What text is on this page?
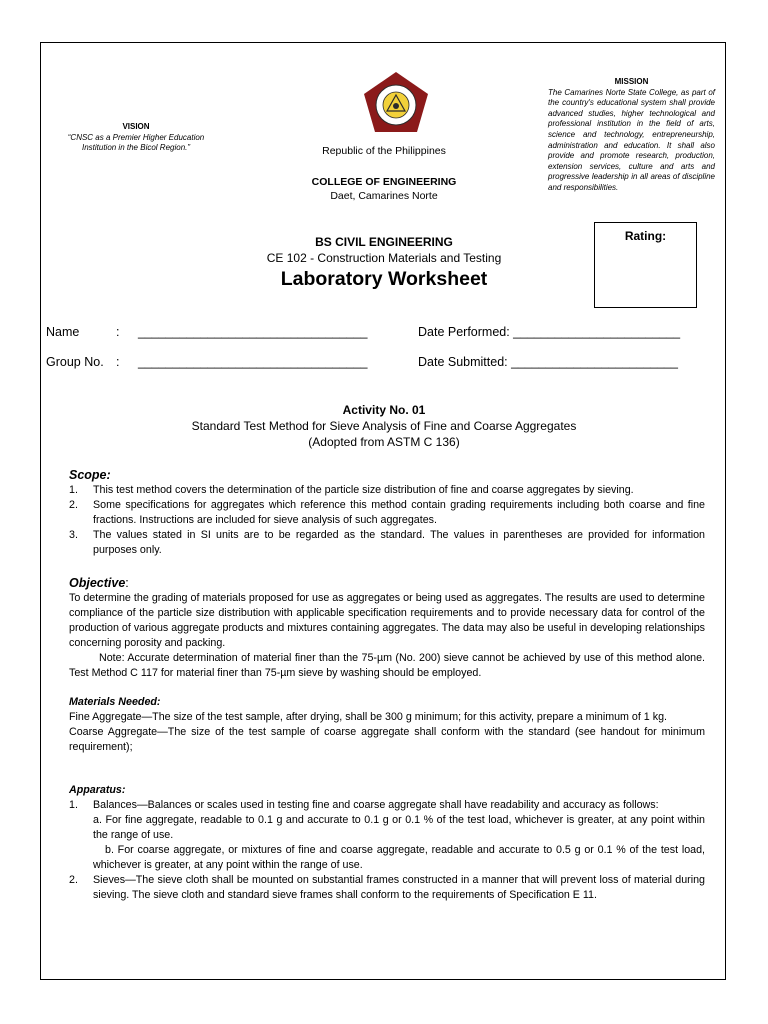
VISION
“CNSC as a Premier Higher Education Institution in the Bicol Region.”	Republic of the Philippines
COLLEGE OF ENGINEERING
Daet, Camarines Norte
MISSION
The Camarines Norte State College, as part of the country's educational system shall provide advanced studies, higher technological and professional institution in the field of arts, science and technology, entrepreneurship, administration and education. It shall also provide and promote research, production, extension services, culture and arts and progressive leadership in all areas of discipline and responsibilities.
BS CIVIL ENGINEERING
CE 102 - Construction Materials and Testing
Laboratory Worksheet
Rating:
Name	: _________________________________	Date Performed: ________________________
Group No. : _________________________________	Date Submitted: ________________________
Activity No. 01
Standard Test Method for Sieve Analysis of Fine and Coarse Aggregates
(Adopted from ASTM C 136)
Scope:
1. This test method covers the determination of the particle size distribution of fine and coarse aggregates by sieving.
2. Some specifications for aggregates which reference this method contain grading requirements including both coarse and fine fractions. Instructions are included for sieve analysis of such aggregates.
3. The values stated in SI units are to be regarded as the standard. The values in parentheses are provided for information purposes only.
Objective:

To determine the grading of materials proposed for use as aggregates or being used as aggregates. The results are used to determine compliance of the particle size distribution with applicable specification requirements and to provide necessary data for control of the production of various aggregate products and mixtures containing aggregates. The data may also be useful in developing relationships concerning porosity and packing.

Note: Accurate determination of material finer than the 75-µm (No. 200) sieve cannot be achieved by use of this method alone. Test Method C 117 for material finer than 75-µm sieve by washing should be employed.

Materials Needed:

Fine Aggregate—The size of the test sample, after drying, shall be 300 g minimum; for this activity, prepare a minimum of 1 kg.

Coarse Aggregate—The size of the test sample of coarse aggregate shall conform with the standard (see handout for minimum requirement);

Apparatus:
1. Balances—Balances or scales used in testing fine and coarse aggregate shall have readability and accuracy as follows:
a. For fine aggregate, readable to 0.1 g and accurate to 0.1 g or 0.1 % of the test load, whichever is greater, at any point within the range of use.
b. For coarse aggregate, or mixtures of fine and coarse aggregate, readable and accurate to 0.5 g or 0.1 % of the test load, whichever is greater, at any point within the range of use.
2. Sieves—The sieve cloth shall be mounted on substantial frames constructed in a manner that will prevent loss of material during sieving. The sieve cloth and standard sieve frames shall conform to the requirements of Specification E 11.
